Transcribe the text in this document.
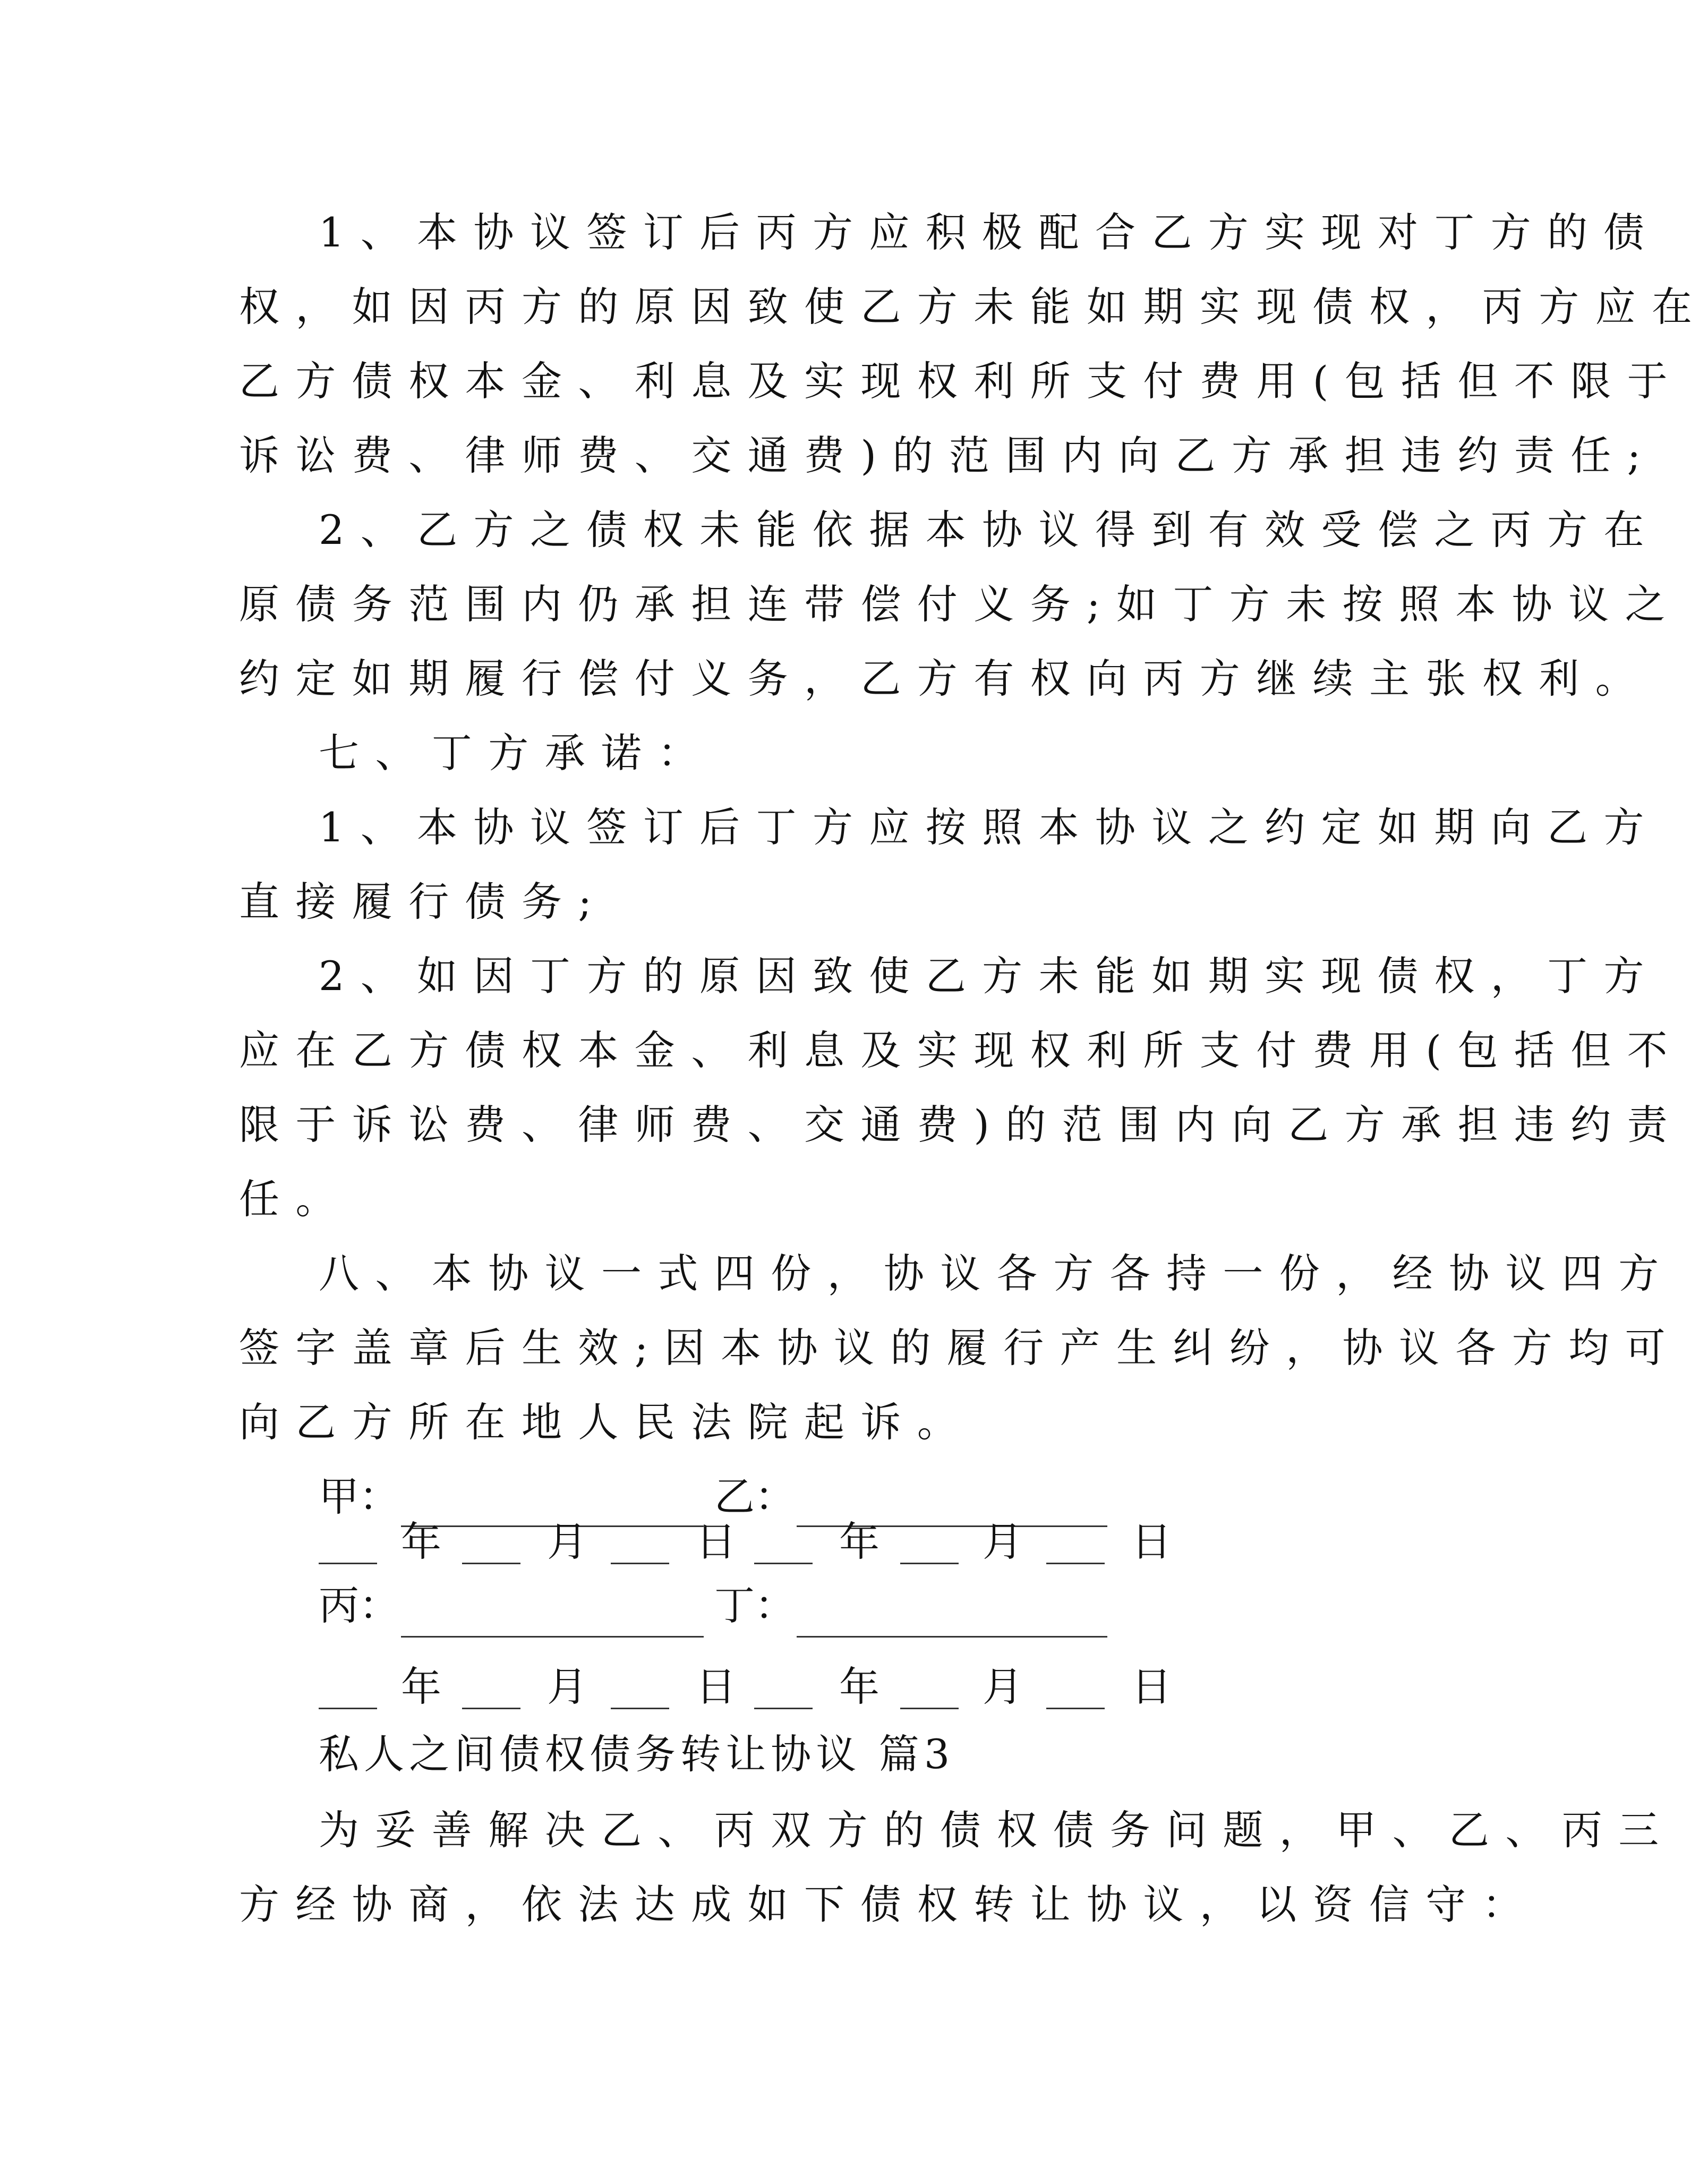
1、本协议签订后丙方应积极配合乙方实现对丁方的债
权，如因丙方的原因致使乙方未能如期实现债权，丙方应在
乙方债权本金、利息及实现权利所支付费用(包括但不限于
诉讼费、律师费、交通费)的范围内向乙方承担违约责任;
2、乙方之债权未能依据本协议得到有效受偿之丙方在
原债务范围内仍承担连带偿付义务;如丁方未按照本协议之
约定如期履行偿付义务，乙方有权向丙方继续主张权利。
七、丁方承诺：
1、本协议签订后丁方应按照本协议之约定如期向乙方
直接履行债务;
2、如因丁方的原因致使乙方未能如期实现债权，丁方
应在乙方债权本金、利息及实现权利所支付费用(包括但不
限于诉讼费、律师费、交通费)的范围内向乙方承担违约责
任。
八、本协议一式四份，协议各方各持一份，经协议四方
签字盖章后生效;因本协议的履行产生纠纷，协议各方均可
向乙方所在地人民法院起诉。
甲：	乙：
年	月	日	年	月	日
丙：	丁：
年	月	日	年	月	日
私人之间债权债务转让协议 篇3
为妥善解决乙、丙双方的债权债务问题，甲、乙、丙三
方经协商，依法达成如下债权转让协议，以资信守：
